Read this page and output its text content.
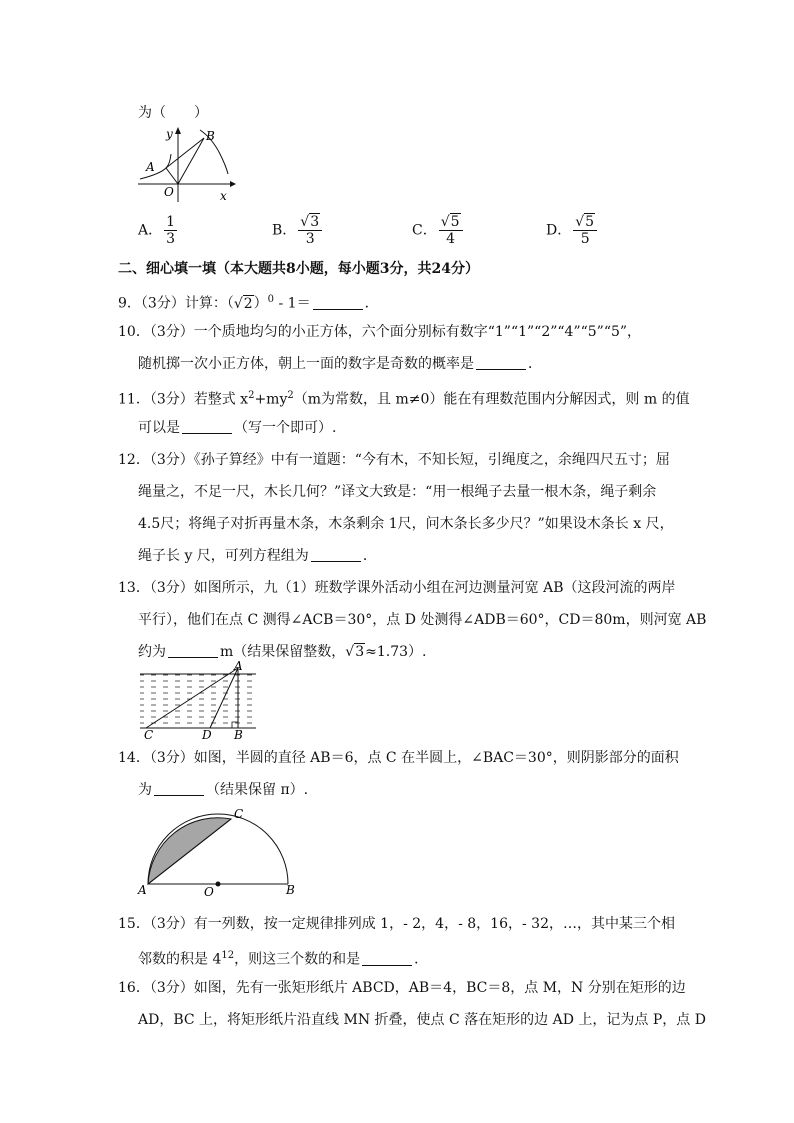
为（　　）
y	B
A
O	x
A． $\frac{1}{3}$	B． $\frac{√3}{3}$	C． $\frac{√5}{4}$	D． $\frac{√5}{5}$
二、细心填一填（本大题共8小题，每小题3分，共24分）
9．（3分）计算：$(√2)^0 - 1=$	．
10．（3分）一个质地均匀的小正方体，六个面分别标有数字“1”“1”“2”“4”“5”“5”，
随机掷一次小正方体，朝上一面的数字是奇数的概率是	．
11．（3分）若整式 $x^2+my^2(m$为常数，且 m≠0）能在有理数范围内分解因式，则 m 的值
可以是	（写一个即可）.
12．（3分）《孙子算经》中有一道题：“今有木，不知长短，引绳度之，余绳四尺五寸；屈
绳量之，不足一尺，木长几何？”译文大致是：“用一根绳子去量一根木条，绳子剩余
4.5尺；将绳子对折再量木条，木条剩余 1尺，问木条长多少尺？”如果设木条长 x 尺，
绳子长 y 尺，可列方程组为	．
13．（3分）如图所示，九（1）班数学课外活动小组在河边测量河宽 AB（这段河流的两岸
平行），他们在点 C 测得∠ACB＝30°，点 D 处测得∠ADB＝60°，CD＝80m，则河宽 AB
约为	m（结果保留整数，√3≈1.73）.
A
C	D B
14．（3分）如图，半圆的直径 AB＝6，点 C 在半圆上，∠BAC＝30°，则阴影部分的面积
为	（结果保留 π）.
C
A	O	B
15．（3分）有一列数，按一定规律排列成 1，- 2，4，- 8，16，- 32，…，其中某三个相
邻数的积是 $4^{12}$，则这三个数的和是	．
16．（3分）如图，先有一张矩形纸片 ABCD，AB＝4，BC＝8，点 M，N 分别在矩形的边
AD，BC 上，将矩形纸片沿直线 MN 折叠，使点 C 落在矩形的边 AD 上，记为点 P，点 D
